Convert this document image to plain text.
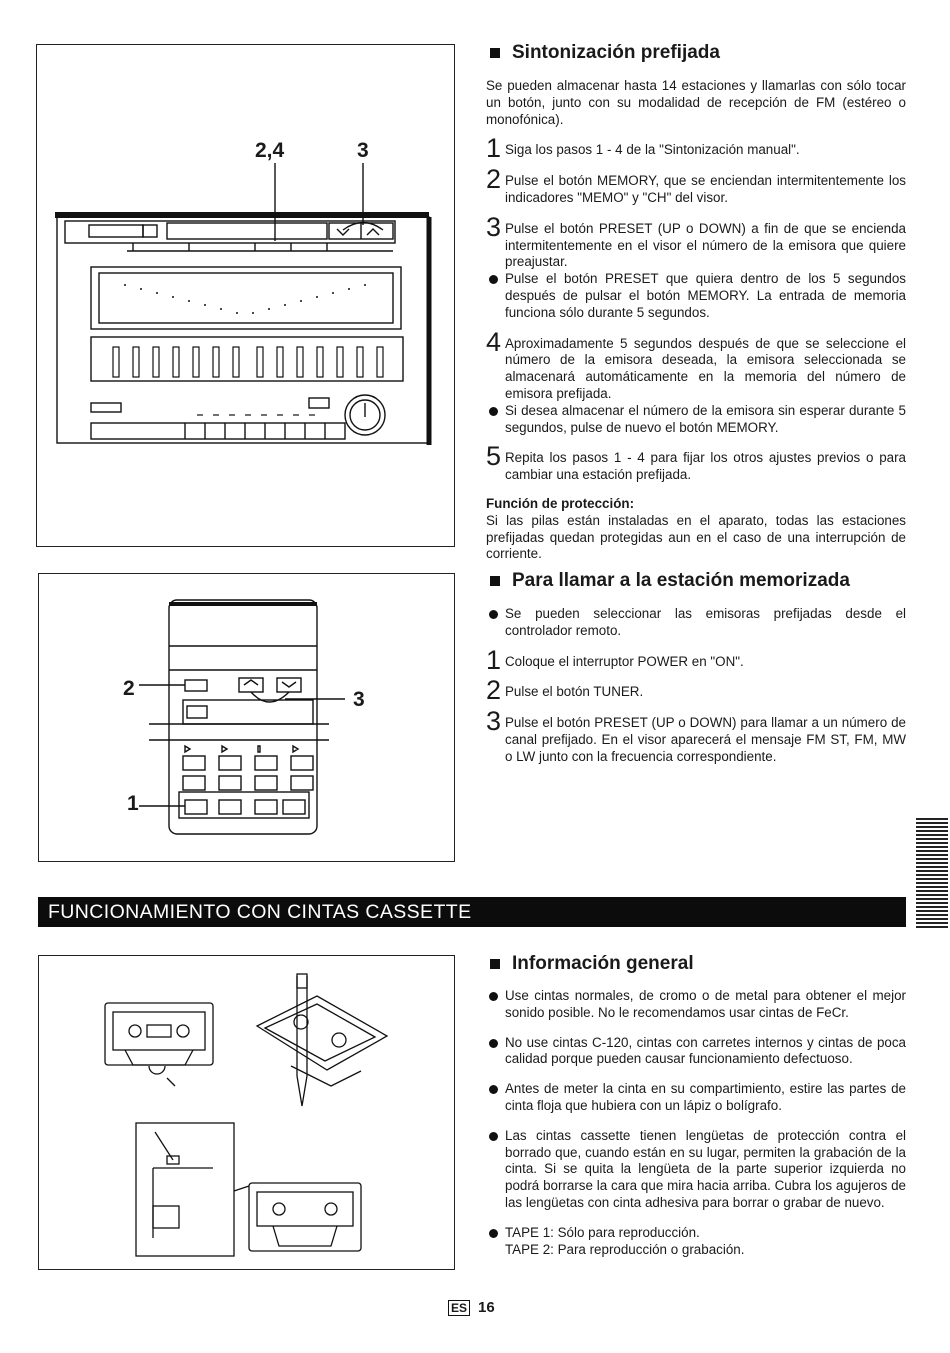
2,4	3
2	3
1
Sintonización prefijada

Se pueden almacenar hasta 14 estaciones y llamarlas con sólo tocar un botón, junto con su modalidad de recepción de FM (estéreo o monofónica).

1 Siga los pasos 1 - 4 de la "Sintonización manual".
2 Pulse el botón MEMORY, que se enciendan intermitentemente los indicadores "MEMO" y "CH" del visor.
3 Pulse el botón PRESET (UP o DOWN) a fin de que se encienda intermitentemente en el visor el número de la emisora que quiere preajustar.
Pulse el botón PRESET que quiera dentro de los 5 segundos después de pulsar el botón MEMORY. La entrada de memoria funciona sólo durante 5 segundos.
4 Aproximadamente 5 segundos después de que se seleccione el número de la emisora deseada, la emisora seleccionada se almacenará automáticamente en la memoria del número de emisora prefijada.
Si desea almacenar el número de la emisora sin esperar durante 5 segundos, pulse de nuevo el botón MEMORY.
5 Repita los pasos 1 - 4 para fijar los otros ajustes previos o para cambiar una estación prefijada.

Función de protección:

Si las pilas están instaladas en el aparato, todas las estaciones prefijadas quedan protegidas aun en el caso de una interrupción de corriente.

Para llamar a la estación memorizada
Se pueden seleccionar las emisoras prefijadas desde el controlador remoto.
1 Coloque el interruptor POWER en "ON".
2 Pulse el botón TUNER.
3 Pulse el botón PRESET (UP o DOWN) para llamar a un número de canal prefijado. En el visor aparecerá el mensaje FM ST, FM, MW o LW junto con la frecuencia correspondiente.
FUNCIONAMIENTO CON CINTAS CASSETTE
Información general
Use cintas normales, de cromo o de metal para obtener el mejor sonido posible. No le recomendamos usar cintas de FeCr.
No use cintas C-120, cintas con carretes internos y cintas de poca calidad porque pueden causar funcionamiento defectuoso.
Antes de meter la cinta en su compartimiento, estire las partes de cinta floja que hubiera con un lápiz o bolígrafo.
Las cintas cassette tienen lengüetas de protección contra el borrado que, cuando están en su lugar, permiten la grabación de la cinta. Si se quita la lengüeta de la parte superior izquierda no podrá borrarse la cara que mira hacia arriba. Cubra los agujeros de las lengüetas con cinta adhesiva para borrar o grabar de nuevo.
TAPE 1: Sólo para reproducción.
TAPE 2: Para reproducción o grabación.
ES 16
